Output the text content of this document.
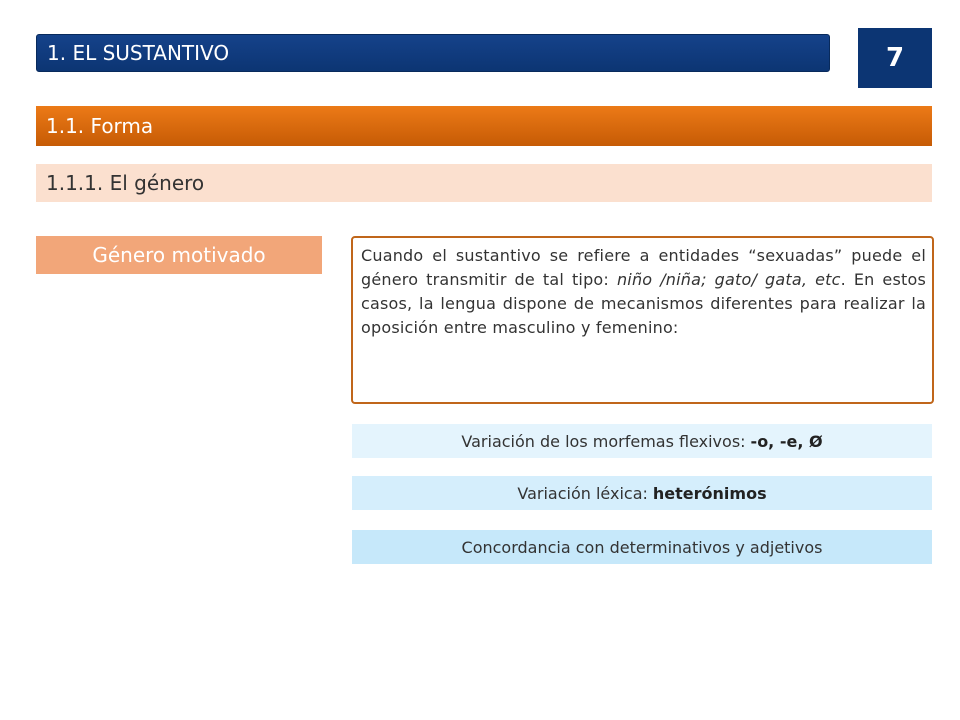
1. EL SUSTANTIVO	7
1.1. Forma
1.1.1. El género
Género motivado	Cuando el sustantivo se refiere a entidades “sexuadas” puede el género transmitir de tal tipo: niño /niña; gato/ gata, etc. En estos casos, la lengua dispone de mecanismos diferentes para realizar la oposición entre masculino y femenino:
Variación de los morfemas flexivos: -o, -e, Ø
Variación léxica: heterónimos
Concordancia con determinativos y adjetivos
